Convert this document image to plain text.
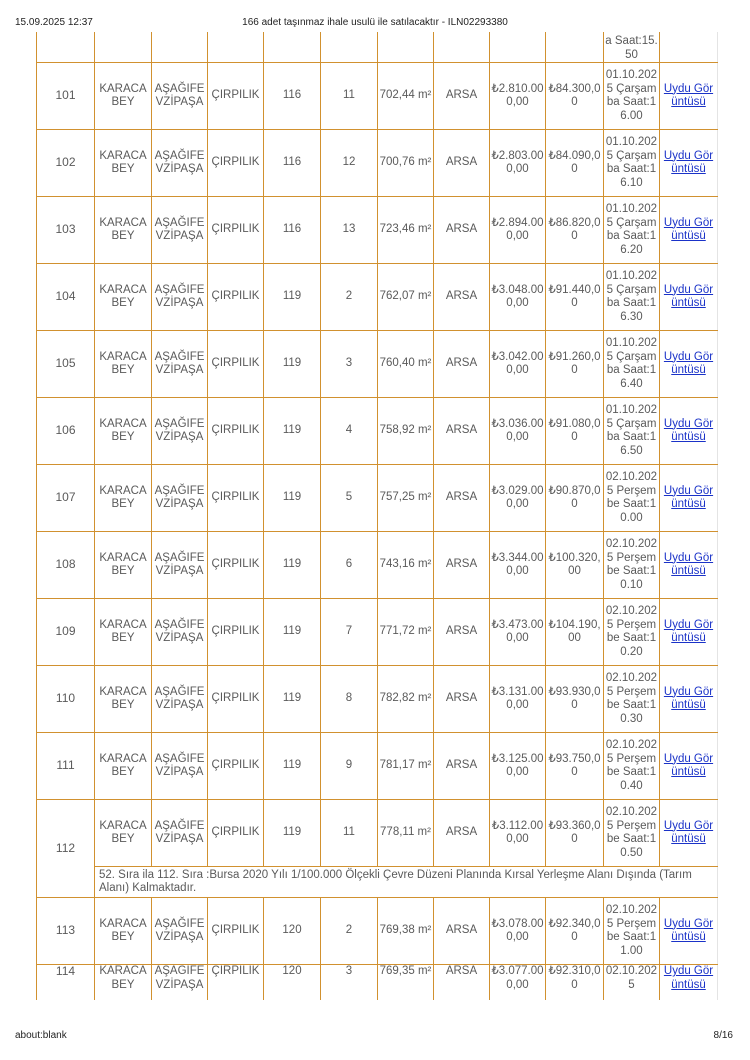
15.09.2025 12:37	166 adet taşınmaz ihale usulü ile satılacaktır - ILN02293380
										a Saat:15.50	
101	KARACABEY	AŞAĞIFEVZİPAŞA	ÇIRPILIK	116	11	702,44 m²	ARSA	₺2.810.000,00	₺84.300,00	01.10.2025 Çarşamba Saat:16.00	Uydu Görüntüsü
102	KARACABEY	AŞAĞIFEVZİPAŞA	ÇIRPILIK	116	12	700,76 m²	ARSA	₺2.803.000,00	₺84.090,00	01.10.2025 Çarşamba Saat:16.10	Uydu Görüntüsü
103	KARACABEY	AŞAĞIFEVZİPAŞA	ÇIRPILIK	116	13	723,46 m²	ARSA	₺2.894.000,00	₺86.820,00	01.10.2025 Çarşamba Saat:16.20	Uydu Görüntüsü
104	KARACABEY	AŞAĞIFEVZİPAŞA	ÇIRPILIK	119	2	762,07 m²	ARSA	₺3.048.000,00	₺91.440,00	01.10.2025 Çarşamba Saat:16.30	Uydu Görüntüsü
105	KARACABEY	AŞAĞIFEVZİPAŞA	ÇIRPILIK	119	3	760,40 m²	ARSA	₺3.042.000,00	₺91.260,00	01.10.2025 Çarşamba Saat:16.40	Uydu Görüntüsü
106	KARACABEY	AŞAĞIFEVZİPAŞA	ÇIRPILIK	119	4	758,92 m²	ARSA	₺3.036.000,00	₺91.080,00	01.10.2025 Çarşamba Saat:16.50	Uydu Görüntüsü
107	KARACABEY	AŞAĞIFEVZİPAŞA	ÇIRPILIK	119	5	757,25 m²	ARSA	₺3.029.000,00	₺90.870,00	02.10.2025 Perşembe Saat:10.00	Uydu Görüntüsü
108	KARACABEY	AŞAĞIFEVZİPAŞA	ÇIRPILIK	119	6	743,16 m²	ARSA	₺3.344.000,00	₺100.320,00	02.10.2025 Perşembe Saat:10.10	Uydu Görüntüsü
109	KARACABEY	AŞAĞIFEVZİPAŞA	ÇIRPILIK	119	7	771,72 m²	ARSA	₺3.473.000,00	₺104.190,00	02.10.2025 Perşembe Saat:10.20	Uydu Görüntüsü
110	KARACABEY	AŞAĞIFEVZİPAŞA	ÇIRPILIK	119	8	782,82 m²	ARSA	₺3.131.000,00	₺93.930,00	02.10.2025 Perşembe Saat:10.30	Uydu Görüntüsü
111	KARACABEY	AŞAĞIFEVZİPAŞA	ÇIRPILIK	119	9	781,17 m²	ARSA	₺3.125.000,00	₺93.750,00	02.10.2025 Perşembe Saat:10.40	Uydu Görüntüsü
112	KARACABEY	AŞAĞIFEVZİPAŞA	ÇIRPILIK	119	11	778,11 m²	ARSA	₺3.112.000,00	₺93.360,00	02.10.2025 Perşembe Saat:10.50	Uydu Görüntüsü
	52. Sıra ila 112. Sıra :Bursa 2020 Yılı 1/100.000 Ölçekli Çevre Düzeni Planında Kırsal Yerleşme Alanı Dışında (Tarım Alanı) Kalmaktadır.										
113	KARACABEY	AŞAĞIFEVZİPAŞA	ÇIRPILIK	120	2	769,38 m²	ARSA	₺3.078.000,00	₺92.340,00	02.10.2025 Perşembe Saat:11.00	Uydu Görüntüsü
114	KARACABEY	AŞAĞIFEVZİPAŞA	ÇIRPILIK	120	3	769,35 m²	ARSA	₺3.077.000,00	₺92.310,00	02.10.2025	Uydu Görüntüsü
about:blank	8/16
